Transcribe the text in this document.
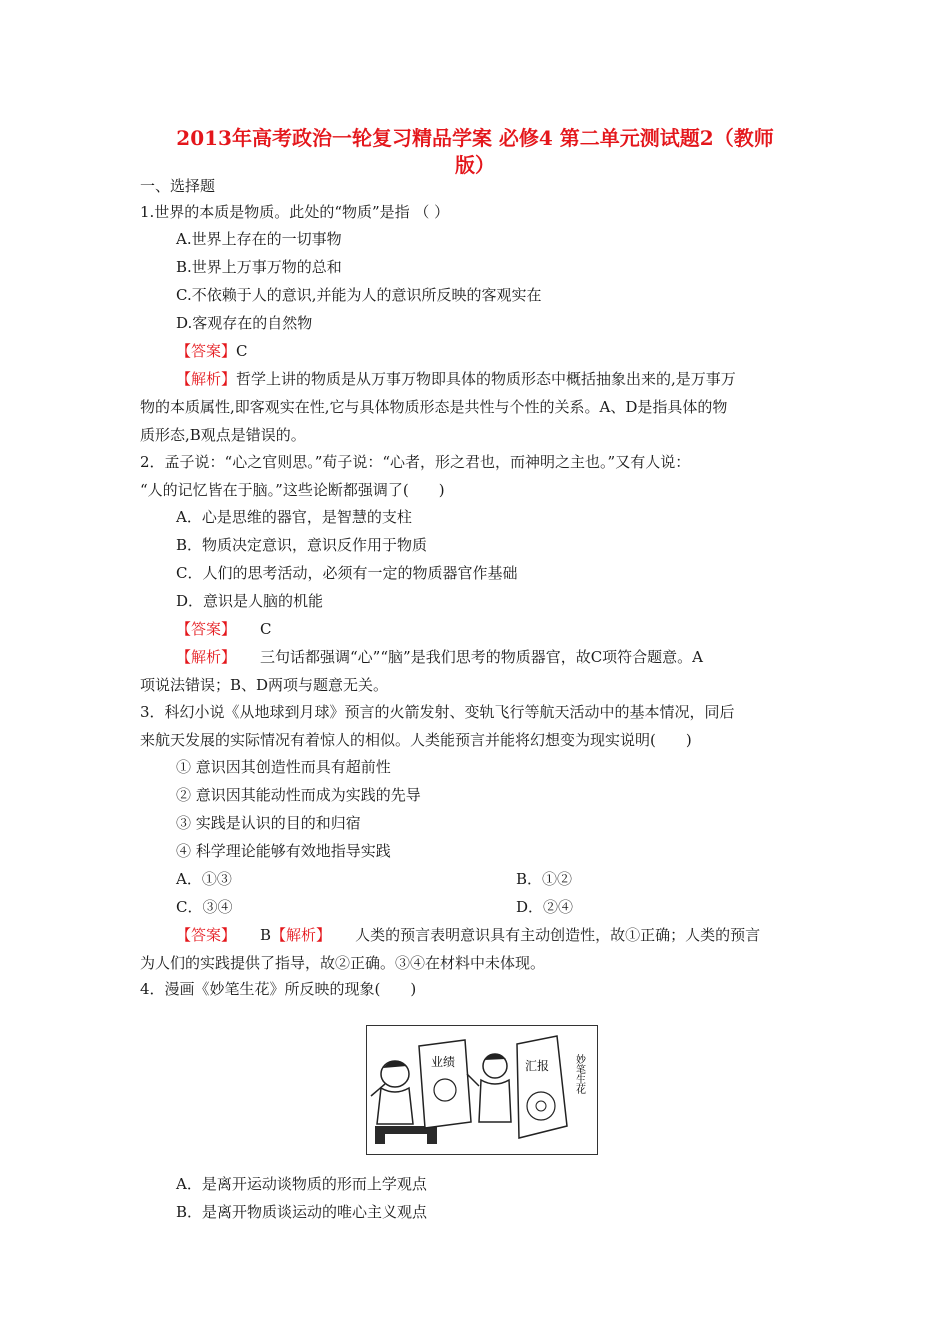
2013年高考政治一轮复习精品学案 必修4 第二单元测试题2（教师
版）
一、选择题
1.世界的本质是物质。此处的“物质”是指 （ ）
A.世界上存在的一切事物
B.世界上万事万物的总和
C.不依赖于人的意识,并能为人的意识所反映的客观实在
D.客观存在的自然物
【答案】C
【解析】哲学上讲的物质是从万事万物即具体的物质形态中概括抽象出来的,是万事万
物的本质属性,即客观实在性,它与具体物质形态是共性与个性的关系。A、D是指具体的物
质形态,B观点是错误的。
2．孟子说：“心之官则思。”荀子说：“心者，形之君也，而神明之主也。”又有人说：
“人的记忆皆在于脑。”这些论断都强调了(　　)
A．心是思维的器官，是智慧的支柱
B．物质决定意识，意识反作用于物质
C．人们的思考活动，必须有一定的物质器官作基础
D．意识是人脑的机能
【答案】 C
【解析】 三句话都强调“心”“脑”是我们思考的物质器官，故C项符合题意。A
项说法错误；B、D两项与题意无关。
3．科幻小说《从地球到月球》预言的火箭发射、变轨飞行等航天活动中的基本情况，同后
来航天发展的实际情况有着惊人的相似。人类能预言并能将幻想变为现实说明(　　)
① 意识因其创造性而具有超前性
② 意识因其能动性而成为实践的先导
③ 实践是认识的目的和归宿
④ 科学理论能够有效地指导实践
A．①③	B．①②
C．③④	D．②④
【答案】 B【解析】 人类的预言表明意识具有主动创造性，故①正确；人类的预言
为人们的实践提供了指导，故②正确。③④在材料中未体现。
4．漫画《妙笔生花》所反映的现象(　　)
业绩	汇报 妙笔生花
A．是离开运动谈物质的形而上学观点
B．是离开物质谈运动的唯心主义观点
